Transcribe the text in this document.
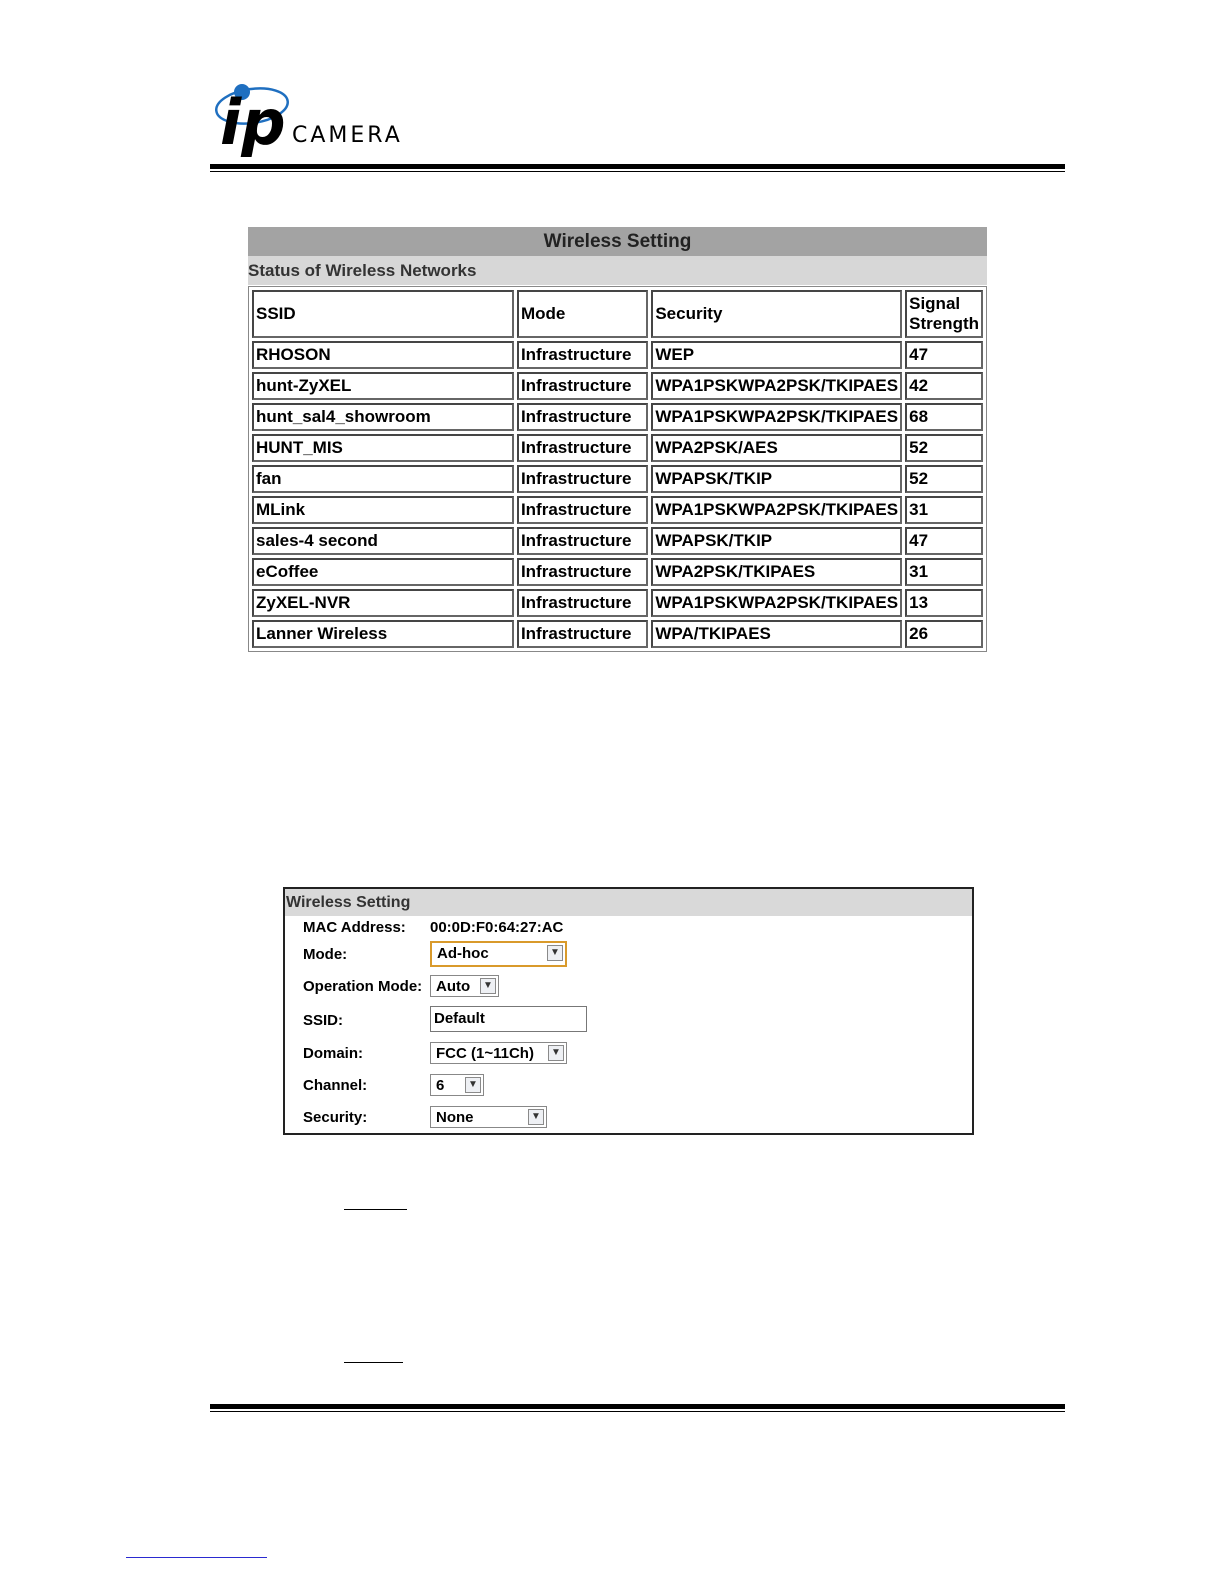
ip CAMERA
Wireless Setting
Status of Wireless Networks
SSID	Mode	Security	Signal
Strength
RHOSON	Infrastructure	WEP	47
hunt-ZyXEL	Infrastructure	WPA1PSKWPA2PSK/TKIPAES	42
hunt_sal4_showroom	Infrastructure	WPA1PSKWPA2PSK/TKIPAES	68
HUNT_MIS	Infrastructure	WPA2PSK/AES	52
fan	Infrastructure	WPAPSK/TKIP	52
MLink	Infrastructure	WPA1PSKWPA2PSK/TKIPAES	31
sales-4 second	Infrastructure	WPAPSK/TKIP	47
eCoffee	Infrastructure	WPA2PSK/TKIPAES	31
ZyXEL-NVR	Infrastructure	WPA1PSKWPA2PSK/TKIPAES	13
Lanner Wireless	Infrastructure	WPA/TKIPAES	26
Wireless Setting
MAC Address: 00:0D:F0:64:27:AC
Mode:	Ad-hoc	▼
Operation Mode: Auto	▼
SSID:	Default
Domain:	FCC (1~11Ch)	▼
Channel:	6	▼
Security:	None	▼
